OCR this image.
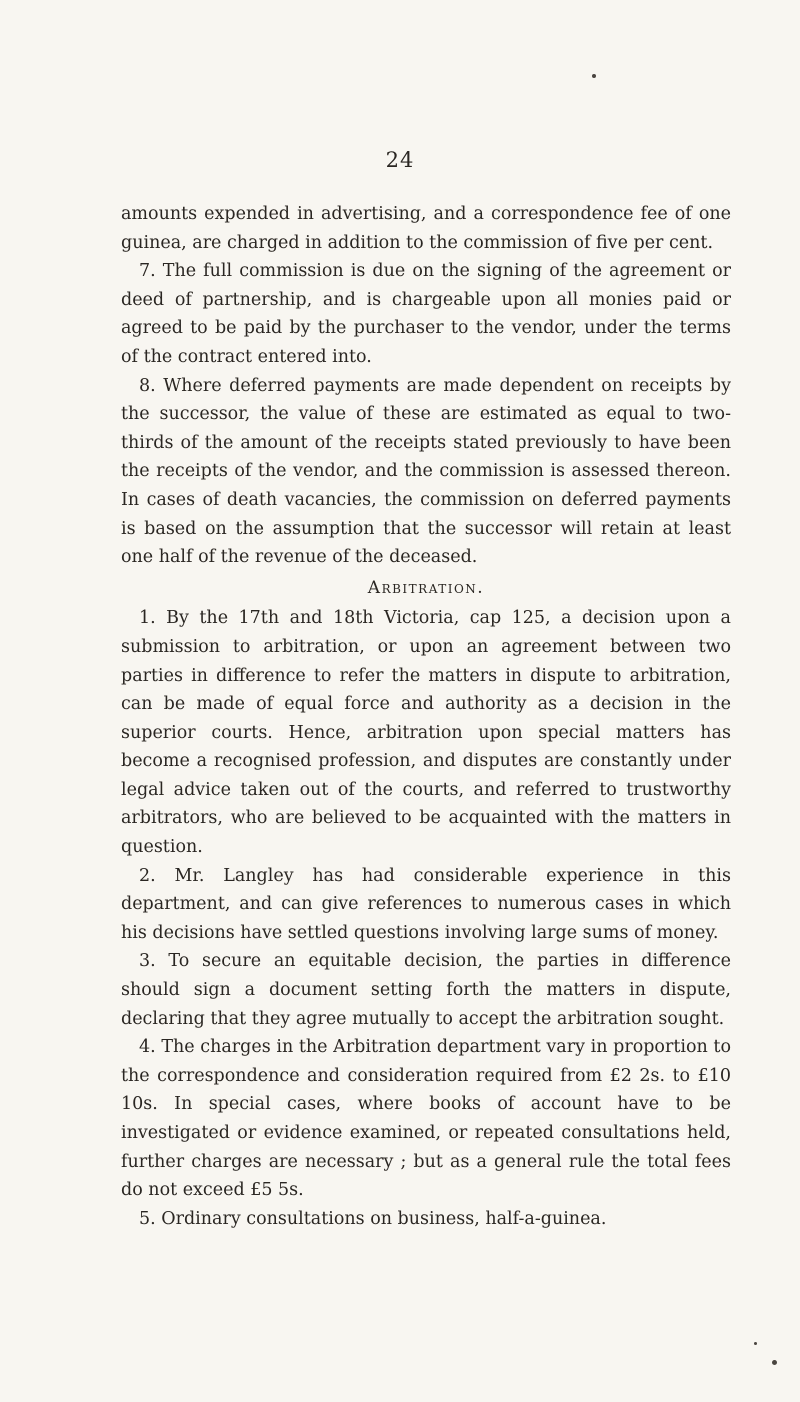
24

amounts expended in advertising, and a correspondence fee of one guinea, are charged in addition to the commission of five per cent.

7. The full commission is due on the signing of the agreement or deed of partnership, and is chargeable upon all monies paid or agreed to be paid by the purchaser to the vendor, under the terms of the contract entered into.

8. Where deferred payments are made dependent on receipts by the successor, the value of these are estimated as equal to two-thirds of the amount of the receipts stated previously to have been the receipts of the vendor, and the commission is assessed thereon. In cases of death vacancies, the commission on deferred payments is based on the assumption that the successor will retain at least one half of the revenue of the deceased.

Arbitration.

1. By the 17th and 18th Victoria, cap 125, a decision upon a submission to arbitration, or upon an agreement between two parties in difference to refer the matters in dispute to arbitration, can be made of equal force and authority as a decision in the superior courts. Hence, arbitration upon special matters has become a recognised profession, and disputes are constantly under legal advice taken out of the courts, and referred to trustworthy arbitrators, who are believed to be acquainted with the matters in question.

2. Mr. Langley has had considerable experience in this department, and can give references to numerous cases in which his decisions have settled questions involving large sums of money.

3. To secure an equitable decision, the parties in difference should sign a document setting forth the matters in dispute, declaring that they agree mutually to accept the arbitration sought.

4. The charges in the Arbitration department vary in proportion to the correspondence and consideration required from £2 2s. to £10 10s. In special cases, where books of account have to be investigated or evidence examined, or repeated consultations held, further charges are necessary ; but as a general rule the total fees do not exceed £5 5s.

5. Ordinary consultations on business, half-a-guinea.
